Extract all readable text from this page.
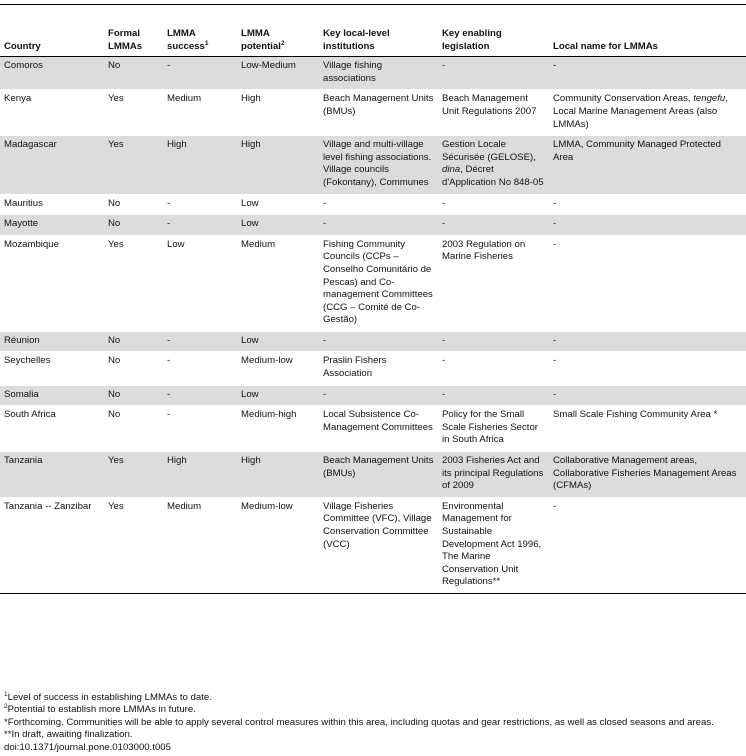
Country	Formal LMMAs	LMMA success$^1$	LMMA potential$^2$	Key local-level institutions	Key enabling legislation	Local name for LMMAs
Comoros	No	-	Low-Medium	Village fishing associations	-	-
Kenya	Yes	Medium	High	Beach Management Units (BMUs)	Beach Management Unit Regulations 2007	Community Conservation Areas, tengefu, Local Marine Management Areas (also LMMAs)
Madagascar	Yes	High	High	Village and multi-village level fishing associations. Village councils (Fokontany), Communes	Gestion Locale Sécurisée (GELOSE), dina, Décret d'Application No 848-05	LMMA, Community Managed Protected Area
Mauritius	No	-	Low	-	-	-
Mayotte	No	-	Low	-	-	-
Mozambique	Yes	Low	Medium	Fishing Community Councils (CCPs – Conselho Comunitário de Pescas) and Co-management Committees (CCG – Comité de Co-Gestão)	2003 Regulation on Marine Fisheries	-
Réunion	No	-	Low	-	-	-
Seychelles	No	-	Medium-low	Praslin Fishers Association	-	-
Somalia	No	-	Low	-	-	-
South Africa	No	-	Medium-high	Local Subsistence Co-Management Committees	Policy for the Small Scale Fisheries Sector in South Africa	Small Scale Fishing Community Area *
Tanzania	Yes	High	High	Beach Management Units (BMUs)	2003 Fisheries Act and its principal Regulations of 2009	Collaborative Management areas, Collaborative Fisheries Management Areas (CFMAs)
Tanzania -- Zanzibar	Yes	Medium	Medium-low	Village Fisheries Committee (VFC), Village Conservation Committee (VCC)	Environmental Management for Sustainable Development Act 1996, The Marine Conservation Unit Regulations**	-
$^1$Level of success in establishing LMMAs to date.
$^2$Potential to establish more LMMAs in future.
*Forthcoming. Communities will be able to apply several control measures within this area, including quotas and gear restrictions, as well as closed seasons and areas.
**In draft, awaiting finalization.
doi:10.1371/journal.pone.0103000.t005
